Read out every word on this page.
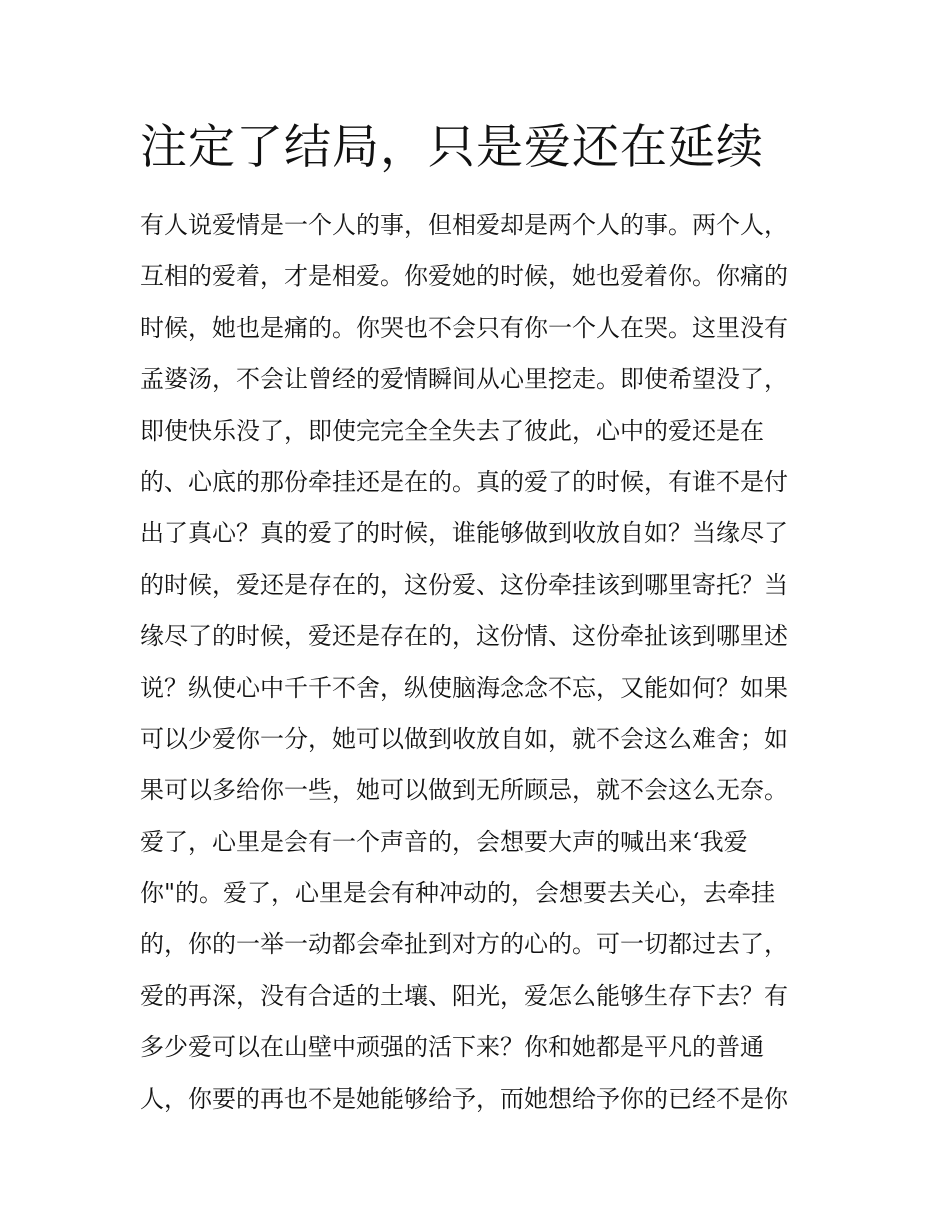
注定了结局，只是爱还在延续
有人说爱情是一个人的事，但相爱却是两个人的事。两个人，
互相的爱着，才是相爱。你爱她的时候，她也爱着你。你痛的
时候，她也是痛的。你哭也不会只有你一个人在哭。这里没有
孟婆汤，不会让曾经的爱情瞬间从心里挖走。即使希望没了，
即使快乐没了，即使完完全全失去了彼此，心中的爱还是在
的、心底的那份牵挂还是在的。真的爱了的时候，有谁不是付
出了真心？真的爱了的时候，谁能够做到收放自如？当缘尽了
的时候，爱还是存在的，这份爱、这份牵挂该到哪里寄托？当
缘尽了的时候，爱还是存在的，这份情、这份牵扯该到哪里述
说？纵使心中千千不舍，纵使脑海念念不忘，又能如何？如果
可以少爱你一分，她可以做到收放自如，就不会这么难舍；如
果可以多给你一些，她可以做到无所顾忌，就不会这么无奈。
爱了，心里是会有一个声音的，会想要大声的喊出来‘我爱
你"的。爱了，心里是会有种冲动的，会想要去关心，去牵挂
的，你的一举一动都会牵扯到对方的心的。可一切都过去了，
爱的再深，没有合适的土壤、阳光，爱怎么能够生存下去？有
多少爱可以在山壁中顽强的活下来？你和她都是平凡的普通
人，你要的再也不是她能够给予，而她想给予你的已经不是你
